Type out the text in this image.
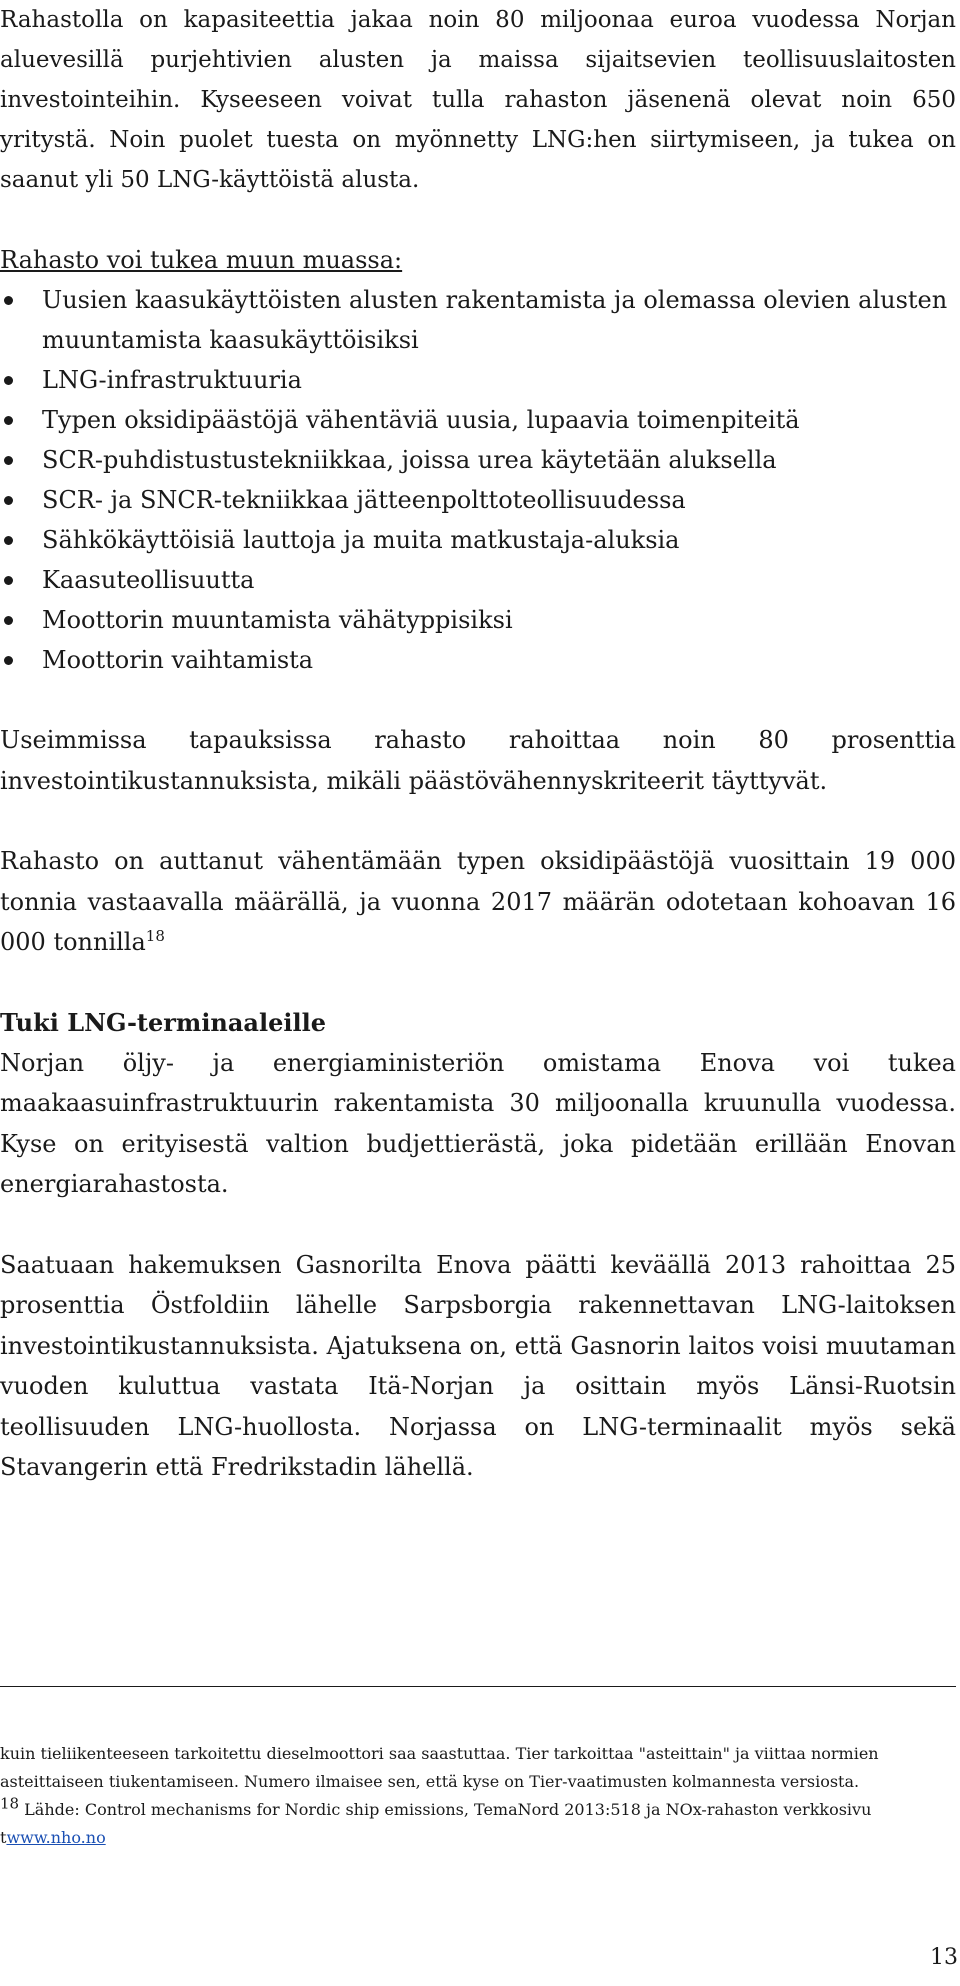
Rahastolla on kapasiteettia jakaa noin 80 miljoonaa euroa vuodessa Norjan aluevesillä purjehtivien alusten ja maissa sijaitsevien teollisuuslaitosten investointeihin. Kyseeseen voivat tulla rahaston jäsenenä olevat noin 650 yritystä. Noin puolet tuesta on myönnetty LNG:hen siirtymiseen, ja tukea on saanut yli 50 LNG-käyttöistä alusta.

Rahasto voi tukea muun muassa:

Uusien kaasukäyttöisten alusten rakentamista ja olemassa olevien alusten muuntamista kaasukäyttöisiksi
LNG-infrastruktuuria
Typen oksidipäästöjä vähentäviä uusia, lupaavia toimenpiteitä
SCR-puhdistustustekniikkaa, joissa urea käytetään aluksella
SCR- ja SNCR-tekniikkaa jätteenpolttoteollisuudessa
Sähkökäyttöisiä lauttoja ja muita matkustaja-aluksia
Kaasuteollisuutta
Moottorin muuntamista vähätyppisiksi
Moottorin vaihtamista

Useimmissa tapauksissa rahasto rahoittaa noin 80 prosenttia investointikustannuksista, mikäli päästövähennyskriteerit täyttyvät.

Rahasto on auttanut vähentämään typen oksidipäästöjä vuosittain 19 000 tonnia vastaavalla määrällä, ja vuonna 2017 määrän odotetaan kohoavan 16 000 tonnilla$^{18}$

Tuki LNG-terminaaleille

Norjan öljy- ja energiaministeriön omistama Enova voi tukea maakaasuinfrastruktuurin rakentamista 30 miljoonalla kruunulla vuodessa. Kyse on erityisestä valtion budjettierästä, joka pidetään erillään Enovan energiarahastosta.

Saatuaan hakemuksen Gasnorilta Enova päätti keväällä 2013 rahoittaa 25 prosenttia Östfoldiin lähelle Sarpsborgia rakennettavan LNG-laitoksen investointikustannuksista. Ajatuksena on, että Gasnorin laitos voisi muutaman vuoden kuluttua vastata Itä-Norjan ja osittain myös Länsi-Ruotsin teollisuuden LNG-huollosta. Norjassa on LNG-terminaalit myös sekä Stavangerin että Fredrikstadin lähellä.

kuin tieliikenteeseen tarkoitettu dieselmoottori saa saastuttaa. Tier tarkoittaa "asteittain" ja viittaa normien asteittaiseen tiukentamiseen. Numero ilmaisee sen, että kyse on Tier-vaatimusten kolmannesta versiosta.

$^{18}$ Lähde: Control mechanisms for Nordic ship emissions, TemaNord 2013:518 ja NOx-rahaston verkkosivu twww.nho.no

13
